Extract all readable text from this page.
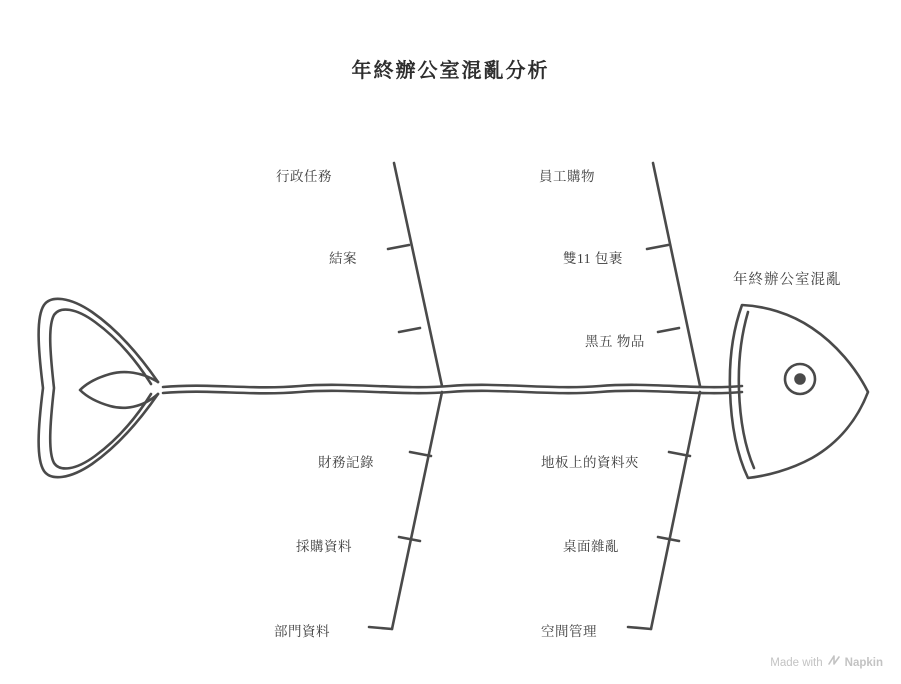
年終辦公室混亂分析
年終辦公室混亂
行政任務
結案
員工購物
雙11 包裹
黑五 物品
財務記錄
採購資料
部門資料
地板上的資料夾
桌面雜亂
空間管理
Made with Napkin
